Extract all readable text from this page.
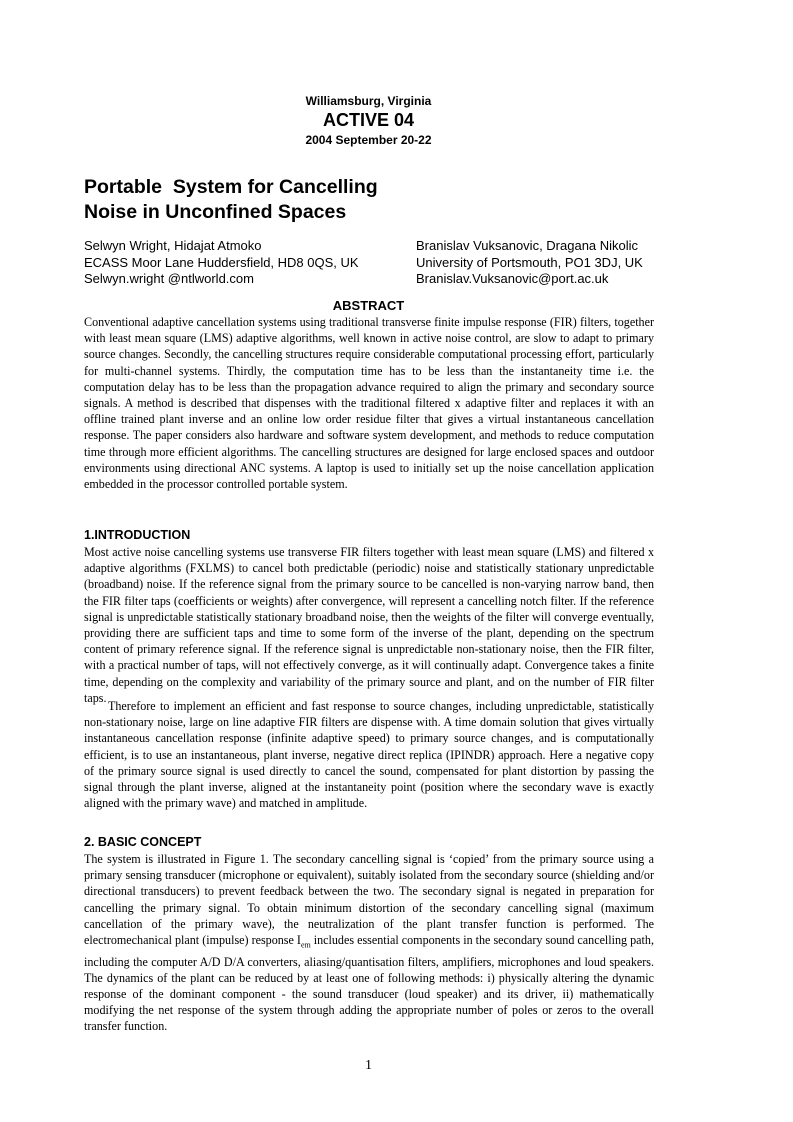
Williamsburg, Virginia
ACTIVE 04
2004 September 20-22
Portable  System for Cancelling
Noise in Unconfined Spaces
Selwyn Wright, Hidajat Atmoko
ECASS Moor Lane Huddersfield, HD8 0QS, UK
Selwyn.wright @ntlworld.com
Branislav Vuksanovic, Dragana Nikolic
University of Portsmouth, PO1 3DJ, UK
Branislav.Vuksanovic@port.ac.uk
ABSTRACT

Conventional adaptive cancellation systems using traditional transverse finite impulse response (FIR) filters, together with least mean square (LMS) adaptive algorithms, well known in active noise control, are slow to adapt to primary source changes. Secondly, the cancelling structures require considerable computational processing effort, particularly for multi-channel systems. Thirdly, the computation time has to be less than the instantaneity time i.e. the computation delay has to be less than the propagation advance required to align the primary and secondary source signals. A method is described that dispenses with the traditional filtered x adaptive filter and replaces it with an offline trained plant inverse and an online low order residue filter that gives a virtual instantaneous cancellation response. The paper considers also hardware and software system development, and methods to reduce computation time through more efficient algorithms. The cancelling structures are designed for large enclosed spaces and outdoor environments using directional ANC systems. A laptop is used to initially set up the noise cancellation application embedded in the processor controlled portable system.

1.INTRODUCTION

Most active noise cancelling systems use transverse FIR filters together with least mean square (LMS) and filtered x adaptive algorithms (FXLMS) to cancel both predictable (periodic) noise and statistically stationary unpredictable (broadband) noise. If the reference signal from the primary source to be cancelled is non-varying narrow band, then the FIR filter taps (coefficients or weights) after convergence, will represent a cancelling notch filter. If the reference signal is unpredictable statistically stationary broadband noise, then the weights of the filter will converge eventually, providing there are sufficient taps and time to some form of the inverse of the plant, depending on the spectrum content of primary reference signal. If the reference signal is unpredictable non-stationary noise, then the FIR filter, with a practical number of taps, will not effectively converge, as it will continually adapt. Convergence takes a finite time, depending on the complexity and variability of the primary source and plant, and on the number of FIR filter taps.

Therefore to implement an efficient and fast response to source changes, including unpredictable, statistically non-stationary noise, large on line adaptive FIR filters are dispense with. A time domain solution that gives virtually instantaneous cancellation response (infinite adaptive speed) to primary source changes, and is computationally efficient, is to use an instantaneous, plant inverse, negative direct replica (IPINDR) approach. Here a negative copy of the primary source signal is used directly to cancel the sound, compensated for plant distortion by passing the signal through the plant inverse, aligned at the instantaneity point (position where the secondary wave is exactly aligned with the primary wave) and matched in amplitude.

2. BASIC CONCEPT

The system is illustrated in Figure 1. The secondary cancelling signal is ‘copied’ from the primary source using a primary sensing transducer (microphone or equivalent), suitably isolated from the secondary source (shielding and/or directional transducers) to prevent feedback between the two. The secondary signal is negated in preparation for cancelling the primary signal. To obtain minimum distortion of the secondary cancelling signal (maximum cancellation of the primary wave), the neutralization of the plant transfer function is performed. The electromechanical plant (impulse) response $I_{em}$ includes essential components in the secondary sound cancelling path, including the computer A/D D/A converters, aliasing/quantisation filters, amplifiers, microphones and loud speakers. The dynamics of the plant can be reduced by at least one of following methods: i) physically altering the dynamic response of the dominant component - the sound transducer (loud speaker) and its driver, ii) mathematically modifying the net response of the system through adding the appropriate number of poles or zeros to the overall transfer function.

1
